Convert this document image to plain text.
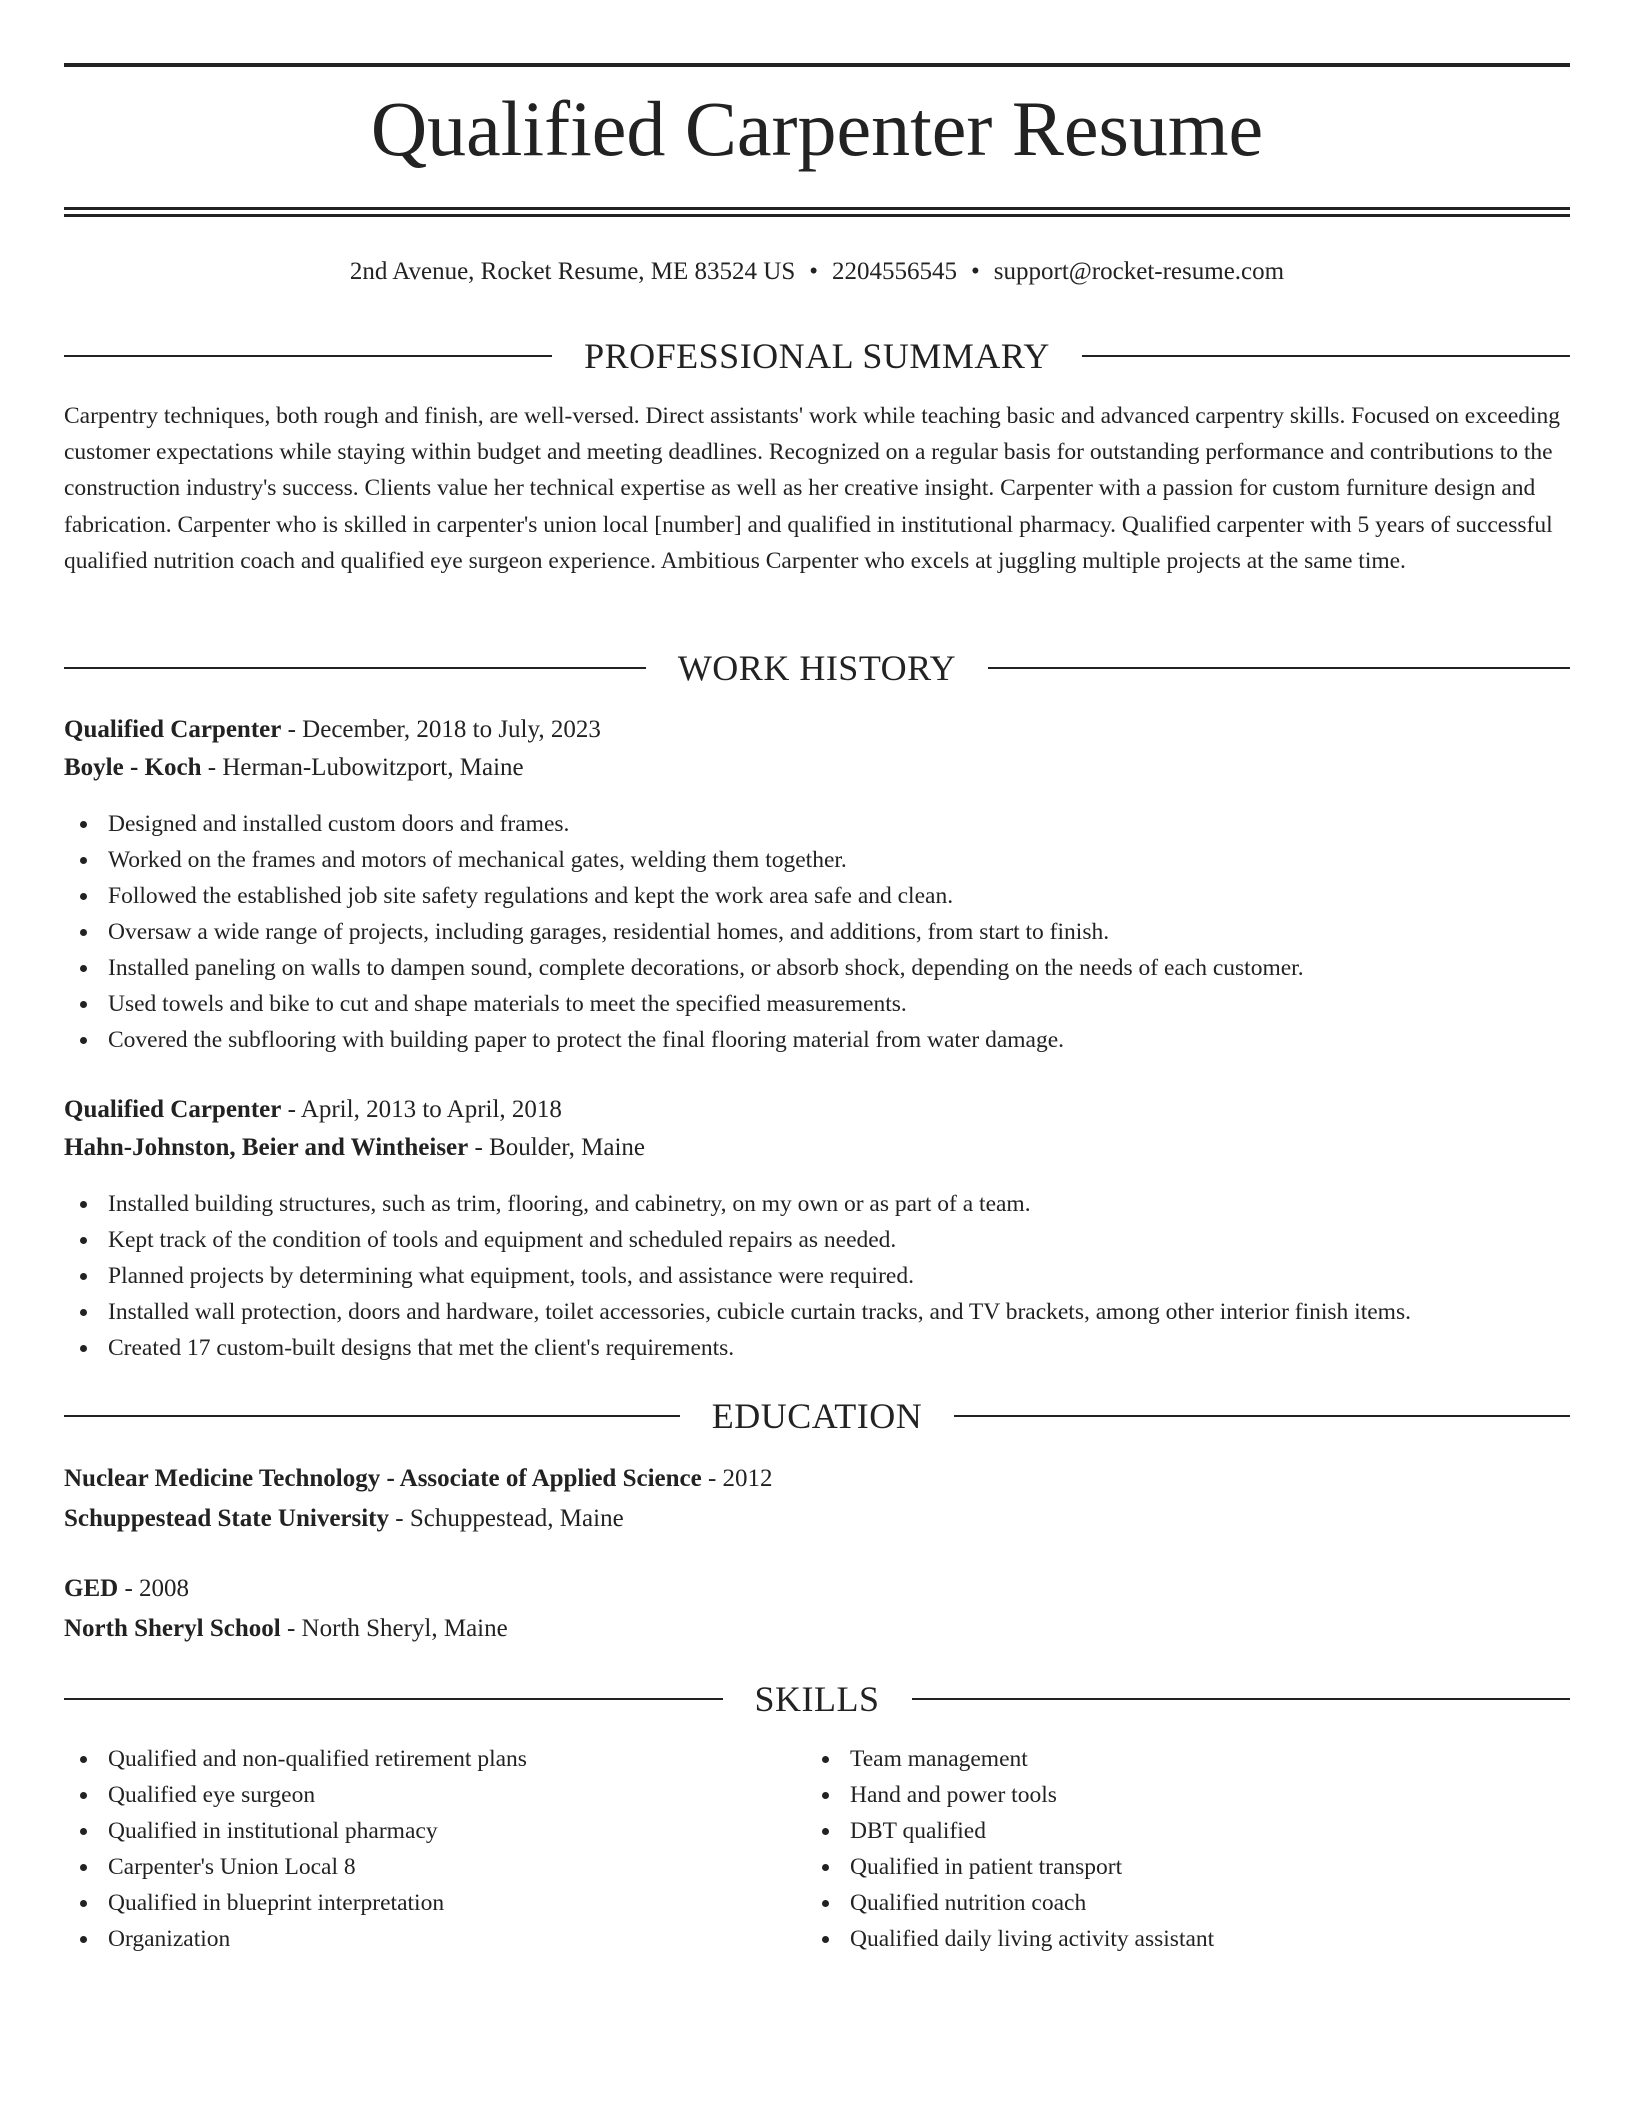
Qualified Carpenter Resume
2nd Avenue, Rocket Resume, ME 83524 US • 2204556545 • support@rocket-resume.com
PROFESSIONAL SUMMARY

Carpentry techniques, both rough and finish, are well-versed. Direct assistants' work while teaching basic and advanced carpentry skills. Focused on exceeding customer expectations while staying within budget and meeting deadlines. Recognized on a regular basis for outstanding performance and contributions to the construction industry's success. Clients value her technical expertise as well as her creative insight. Carpenter with a passion for custom furniture design and fabrication. Carpenter who is skilled in carpenter's union local [number] and qualified in institutional pharmacy. Qualified carpenter with 5 years of successful qualified nutrition coach and qualified eye surgeon experience. Ambitious Carpenter who excels at juggling multiple projects at the same time.

WORK HISTORY
Qualified Carpenter - December, 2018 to July, 2023
Boyle - Koch - Herman-Lubowitzport, Maine
Designed and installed custom doors and frames.
Worked on the frames and motors of mechanical gates, welding them together.
Followed the established job site safety regulations and kept the work area safe and clean.
Oversaw a wide range of projects, including garages, residential homes, and additions, from start to finish.
Installed paneling on walls to dampen sound, complete decorations, or absorb shock, depending on the needs of each customer.
Used towels and bike to cut and shape materials to meet the specified measurements.
Covered the subflooring with building paper to protect the final flooring material from water damage.
Qualified Carpenter - April, 2013 to April, 2018
Hahn-Johnston, Beier and Wintheiser - Boulder, Maine
Installed building structures, such as trim, flooring, and cabinetry, on my own or as part of a team.
Kept track of the condition of tools and equipment and scheduled repairs as needed.
Planned projects by determining what equipment, tools, and assistance were required.
Installed wall protection, doors and hardware, toilet accessories, cubicle curtain tracks, and TV brackets, among other interior finish items.
Created 17 custom-built designs that met the client's requirements.
EDUCATION
Nuclear Medicine Technology - Associate of Applied Science - 2012
Schuppestead State University - Schuppestead, Maine
GED - 2008
North Sheryl School - North Sheryl, Maine
SKILLS
Qualified and non-qualified retirement plans
Qualified eye surgeon
Qualified in institutional pharmacy
Carpenter's Union Local 8
Qualified in blueprint interpretation
Organization
Team management
Hand and power tools
DBT qualified
Qualified in patient transport
Qualified nutrition coach
Qualified daily living activity assistant
